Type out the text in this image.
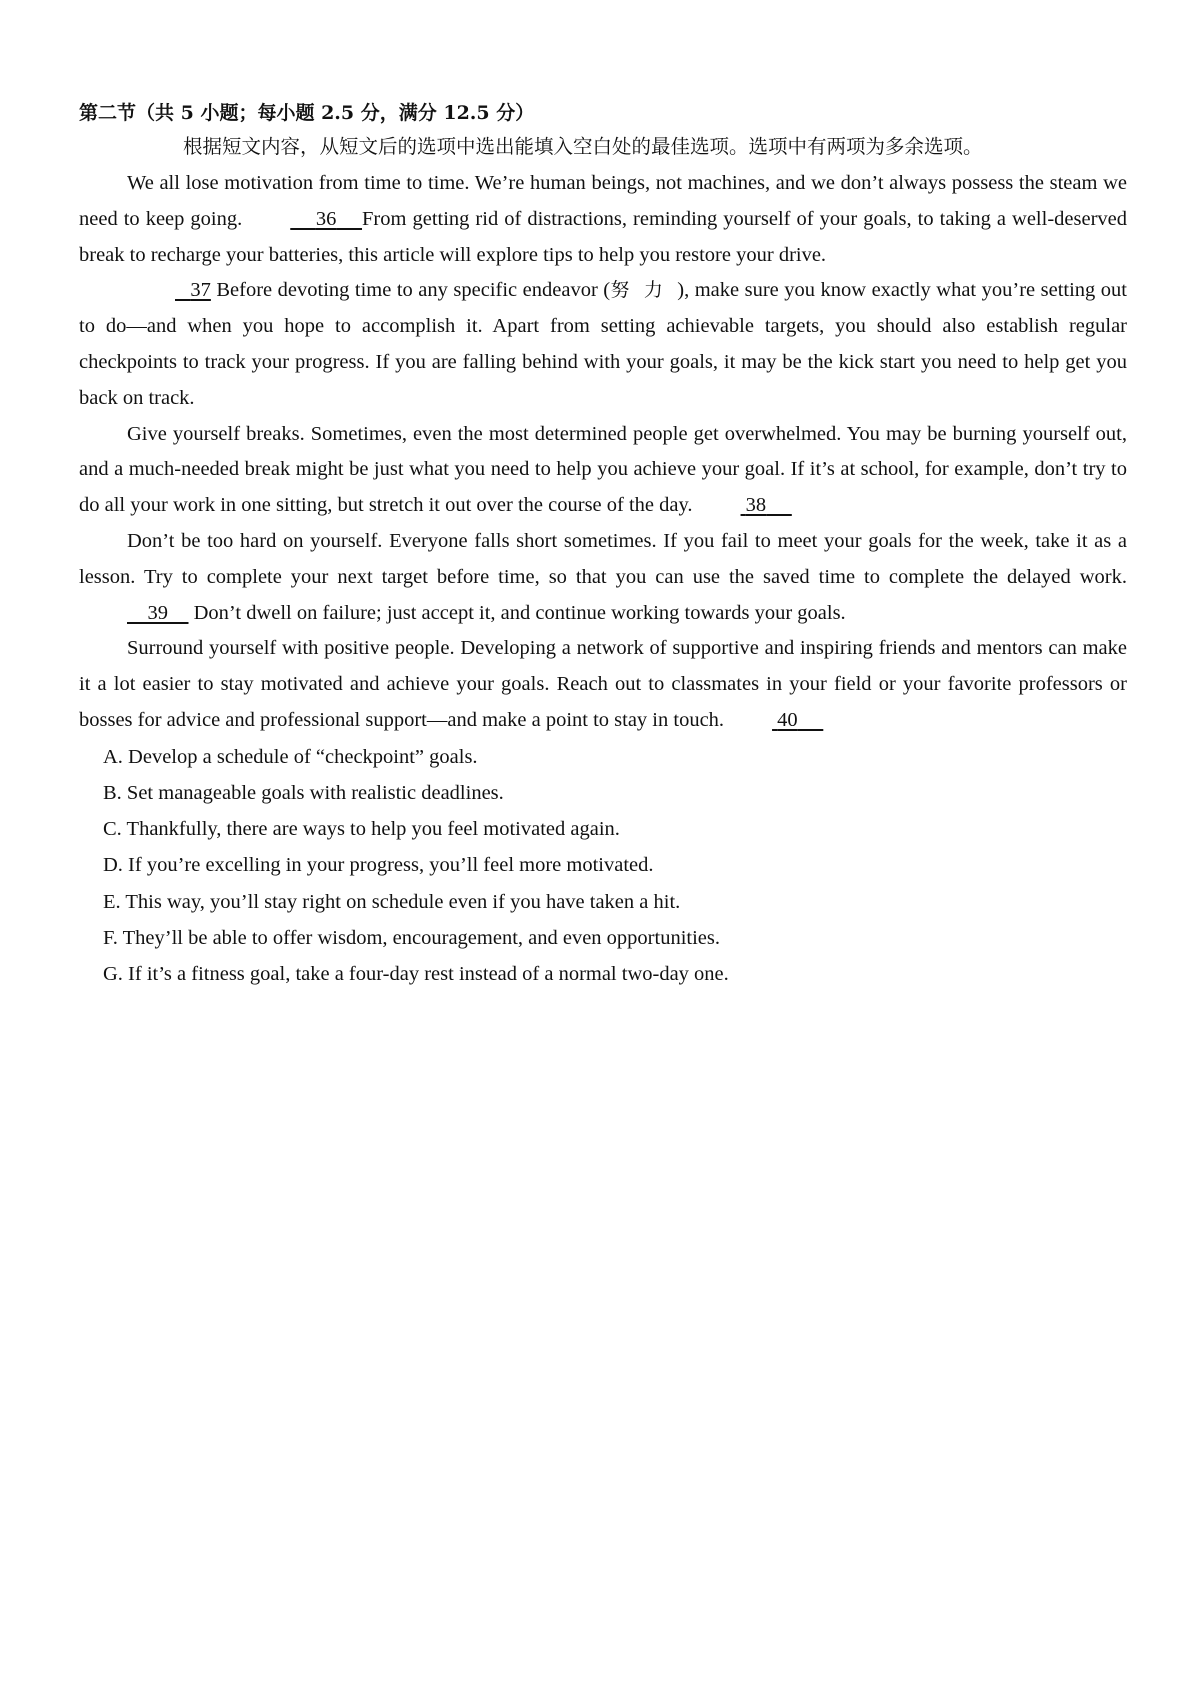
第二节（共 5 小题；每小题 2.5 分，满分 12.5 分）

根据短文内容，从短文后的选项中选出能填入空白处的最佳选项。选项中有两项为多余选项。

We all lose motivation from time to time. We’re human beings, not machines, and we don’t always possess the steam we need to keep going.	36 From getting rid of distractions, reminding yourself of your goals, to taking a well-deserved break to recharge your batteries, this article will explore tips to help you restore your drive.

37 Before devoting time to any specific endeavor (努力), make sure you know exactly what you’re setting out to do—and when you hope to accomplish it. Apart from setting achievable targets, you should also establish regular checkpoints to track your progress. If you are falling behind with your goals, it may be the kick start you need to help get you back on track.

Give yourself breaks. Sometimes, even the most determined people get overwhelmed. You may be burning yourself out, and a much-needed break might be just what you need to help you achieve your goal. If it’s at school, for example, don’t try to do all your work in one sitting, but stretch it out over the course of the day.	38

Don’t be too hard on yourself. Everyone falls short sometimes. If you fail to meet your goals for the week, take it as a lesson. Try to complete your next target before time, so that you can use the saved time to complete the delayed work.    39     Don’t dwell on failure; just accept it, and continue working towards your goals.

Surround yourself with positive people. Developing a network of supportive and inspiring friends and mentors can make it a lot easier to stay motivated and achieve your goals. Reach out to classmates in your field or your favorite professors or bosses for advice and professional support—and make a point to stay in touch.	40

A. Develop a schedule of “checkpoint” goals.
B. Set manageable goals with realistic deadlines.
C. Thankfully, there are ways to help you feel motivated again.
D. If you’re excelling in your progress, you’ll feel more motivated.
E. This way, you’ll stay right on schedule even if you have taken a hit.
F. They’ll be able to offer wisdom, encouragement, and even opportunities.
G. If it’s a fitness goal, take a four-day rest instead of a normal two-day one.
